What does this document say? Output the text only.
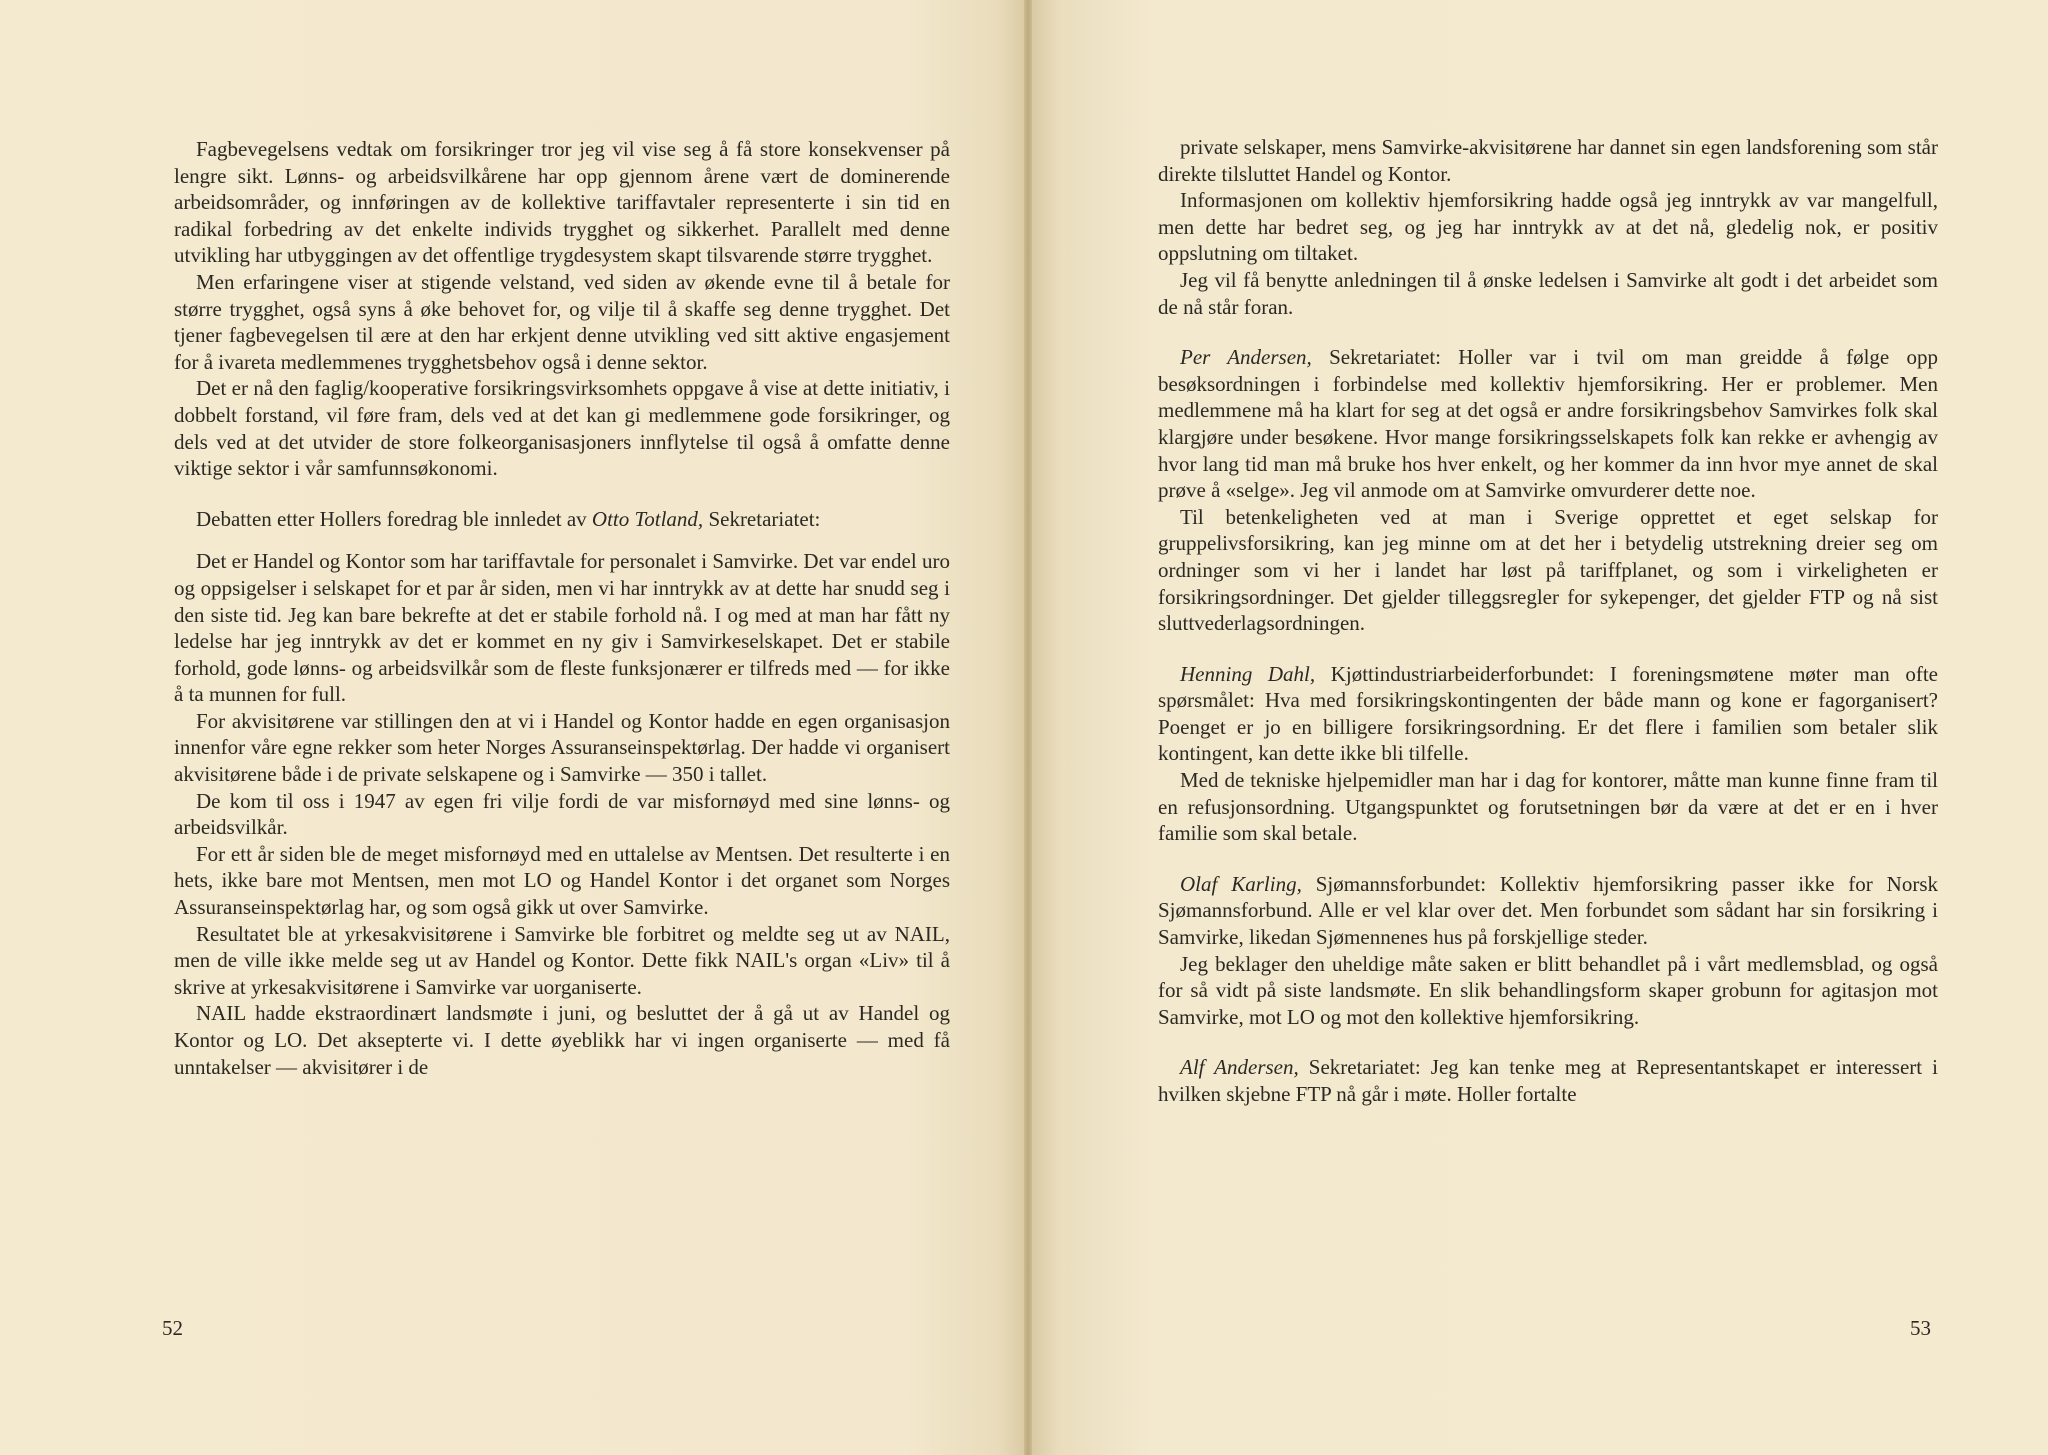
Fagbevegelsens vedtak om forsikringer tror jeg vil vise seg å få store konsekvenser på lengre sikt. Lønns- og arbeidsvilkårene har opp gjennom årene vært de dominerende arbeidsområder, og innføringen av de kollektive tariffavtaler representerte i sin tid en radikal forbedring av det enkelte individs trygghet og sikkerhet. Parallelt med denne utvikling har utbyggingen av det offentlige trygdesystem skapt tilsvarende større trygghet.

Men erfaringene viser at stigende velstand, ved siden av økende evne til å betale for større trygghet, også syns å øke behovet for, og vilje til å skaffe seg denne trygghet. Det tjener fagbevegelsen til ære at den har erkjent denne utvikling ved sitt aktive engasjement for å ivareta medlemmenes trygghetsbehov også i denne sektor.

Det er nå den faglig/kooperative forsikringsvirksomhets oppgave å vise at dette initiativ, i dobbelt forstand, vil føre fram, dels ved at det kan gi medlemmene gode forsikringer, og dels ved at det utvider de store folkeorganisasjoners innflytelse til også å omfatte denne viktige sektor i vår samfunnsøkonomi.

Debatten etter Hollers foredrag ble innledet av Otto Totland, Sekretariatet:

Det er Handel og Kontor som har tariffavtale for personalet i Samvirke. Det var endel uro og oppsigelser i selskapet for et par år siden, men vi har inntrykk av at dette har snudd seg i den siste tid. Jeg kan bare bekrefte at det er stabile forhold nå. I og med at man har fått ny ledelse har jeg inntrykk av det er kommet en ny giv i Samvirkeselskapet. Det er stabile forhold, gode lønns- og arbeidsvilkår som de fleste funksjonærer er tilfreds med — for ikke å ta munnen for full.

For akvisitørene var stillingen den at vi i Handel og Kontor hadde en egen organisasjon innenfor våre egne rekker som heter Norges Assuranseinspektørlag. Der hadde vi organisert akvisitørene både i de private selskapene og i Samvirke — 350 i tallet.

De kom til oss i 1947 av egen fri vilje fordi de var misfornøyd med sine lønns- og arbeidsvilkår.

For ett år siden ble de meget misfornøyd med en uttalelse av Mentsen. Det resulterte i en hets, ikke bare mot Mentsen, men mot LO og Handel Kontor i det organet som Norges Assuranseinspektørlag har, og som også gikk ut over Samvirke.

Resultatet ble at yrkesakvisitørene i Samvirke ble forbitret og meldte seg ut av NAIL, men de ville ikke melde seg ut av Handel og Kontor. Dette fikk NAIL's organ «Liv» til å skrive at yrkesakvisitørene i Samvirke var uorganiserte.

NAIL hadde ekstraordinært landsmøte i juni, og besluttet der å gå ut av Handel og Kontor og LO. Det aksepterte vi. I dette øyeblikk har vi ingen organiserte — med få unntakelser — akvisitører i de

52

private selskaper, mens Samvirke-akvisitørene har dannet sin egen landsforening som står direkte tilsluttet Handel og Kontor.

Informasjonen om kollektiv hjemforsikring hadde også jeg inntrykk av var mangelfull, men dette har bedret seg, og jeg har inntrykk av at det nå, gledelig nok, er positiv oppslutning om tiltaket.

Jeg vil få benytte anledningen til å ønske ledelsen i Samvirke alt godt i det arbeidet som de nå står foran.

Per Andersen, Sekretariatet: Holler var i tvil om man greidde å følge opp besøksordningen i forbindelse med kollektiv hjemforsikring. Her er problemer. Men medlemmene må ha klart for seg at det også er andre forsikringsbehov Samvirkes folk skal klargjøre under besøkene. Hvor mange forsikringsselskapets folk kan rekke er avhengig av hvor lang tid man må bruke hos hver enkelt, og her kommer da inn hvor mye annet de skal prøve å «selge». Jeg vil anmode om at Samvirke omvurderer dette noe.

Til betenkeligheten ved at man i Sverige opprettet et eget selskap for gruppelivsforsikring, kan jeg minne om at det her i betydelig utstrekning dreier seg om ordninger som vi her i landet har løst på tariffplanet, og som i virkeligheten er forsikringsordninger. Det gjelder tilleggsregler for sykepenger, det gjelder FTP og nå sist sluttvederlagsordningen.

Henning Dahl, Kjøttindustriarbeiderforbundet: I foreningsmøtene møter man ofte spørsmålet: Hva med forsikringskontingenten der både mann og kone er fagorganisert? Poenget er jo en billigere forsikringsordning. Er det flere i familien som betaler slik kontingent, kan dette ikke bli tilfelle.

Med de tekniske hjelpemidler man har i dag for kontorer, måtte man kunne finne fram til en refusjonsordning. Utgangspunktet og forutsetningen bør da være at det er en i hver familie som skal betale.

Olaf Karling, Sjømannsforbundet: Kollektiv hjemforsikring passer ikke for Norsk Sjømannsforbund. Alle er vel klar over det. Men forbundet som sådant har sin forsikring i Samvirke, likedan Sjømennenes hus på forskjellige steder.

Jeg beklager den uheldige måte saken er blitt behandlet på i vårt medlemsblad, og også for så vidt på siste landsmøte. En slik behandlingsform skaper grobunn for agitasjon mot Samvirke, mot LO og mot den kollektive hjemforsikring.

Alf Andersen, Sekretariatet: Jeg kan tenke meg at Representantskapet er interessert i hvilken skjebne FTP nå går i møte. Holler fortalte

53
